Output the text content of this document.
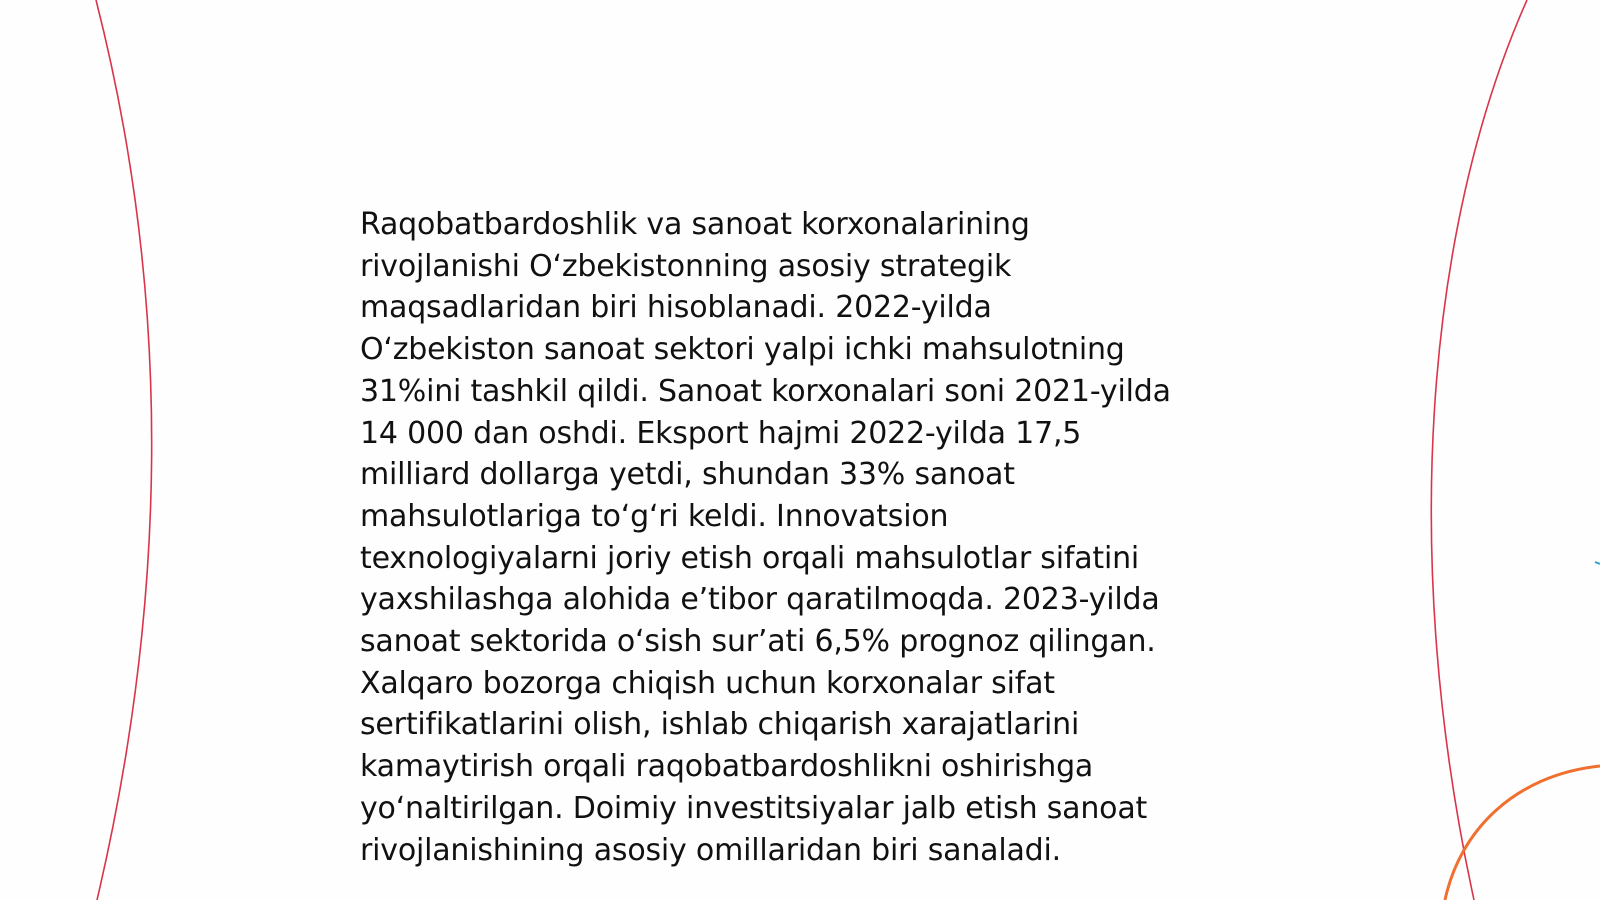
Raqobatbardoshlik va sanoat korxonalarining
rivojlanishi O‘zbekistonning asosiy strategik
maqsadlaridan biri hisoblanadi. 2022-yilda
O‘zbekiston sanoat sektori yalpi ichki mahsulotning
31%ini tashkil qildi. Sanoat korxonalari soni 2021-yilda
14 000 dan oshdi. Eksport hajmi 2022-yilda 17,5
milliard dollarga yetdi, shundan 33% sanoat
mahsulotlariga to‘g‘ri keldi. Innovatsion
texnologiyalarni joriy etish orqali mahsulotlar sifatini
yaxshilashga alohida e’tibor qaratilmoqda. 2023-yilda
sanoat sektorida o‘sish sur’ati 6,5% prognoz qilingan.
Xalqaro bozorga chiqish uchun korxonalar sifat
sertifikatlarini olish, ishlab chiqarish xarajatlarini
kamaytirish orqali raqobatbardoshlikni oshirishga
yo‘naltirilgan. Doimiy investitsiyalar jalb etish sanoat
rivojlanishining asosiy omillaridan biri sanaladi.
